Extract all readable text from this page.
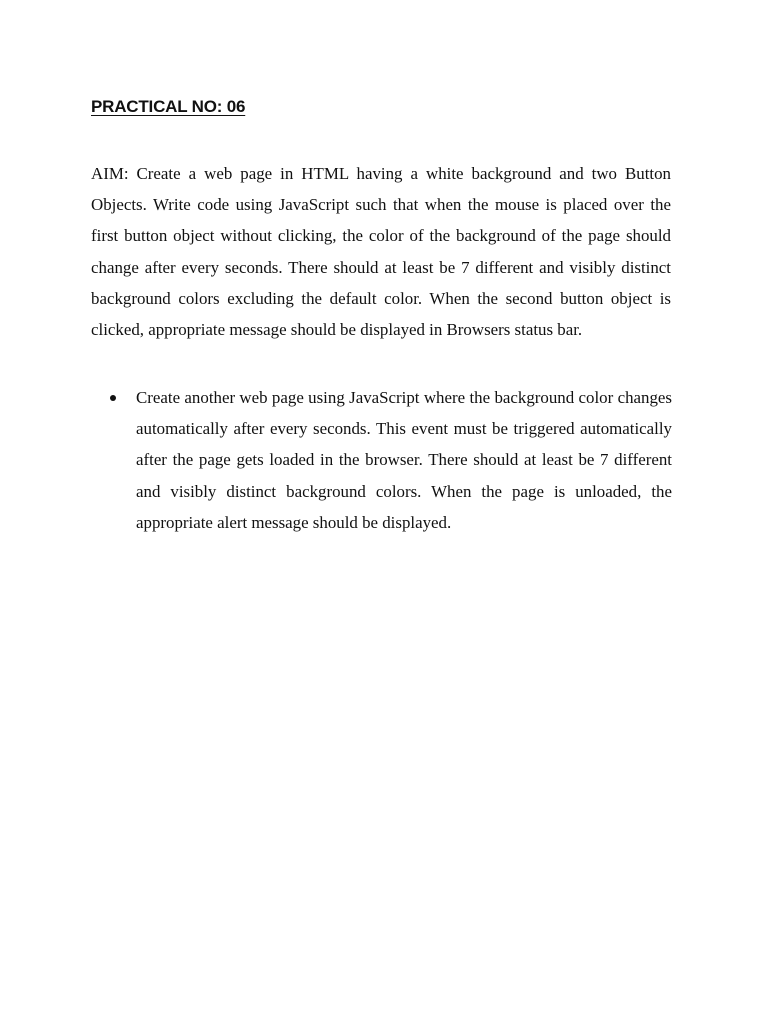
PRACTICAL NO: 06

AIM: Create a web page in HTML having a white background and two Button Objects. Write code using JavaScript such that when the mouse is placed over the first button object without clicking, the color of the background of the page should change after every seconds. There should at least be 7 different and visibly distinct background colors excluding the default color. When the second button object is clicked, appropriate message should be displayed in Browsers status bar.

Create another web page using JavaScript where the background color changes automatically after every seconds. This event must be triggered automatically after the page gets loaded in the browser. There should at least be 7 different and visibly distinct background colors. When the page is unloaded, the appropriate alert message should be displayed.
